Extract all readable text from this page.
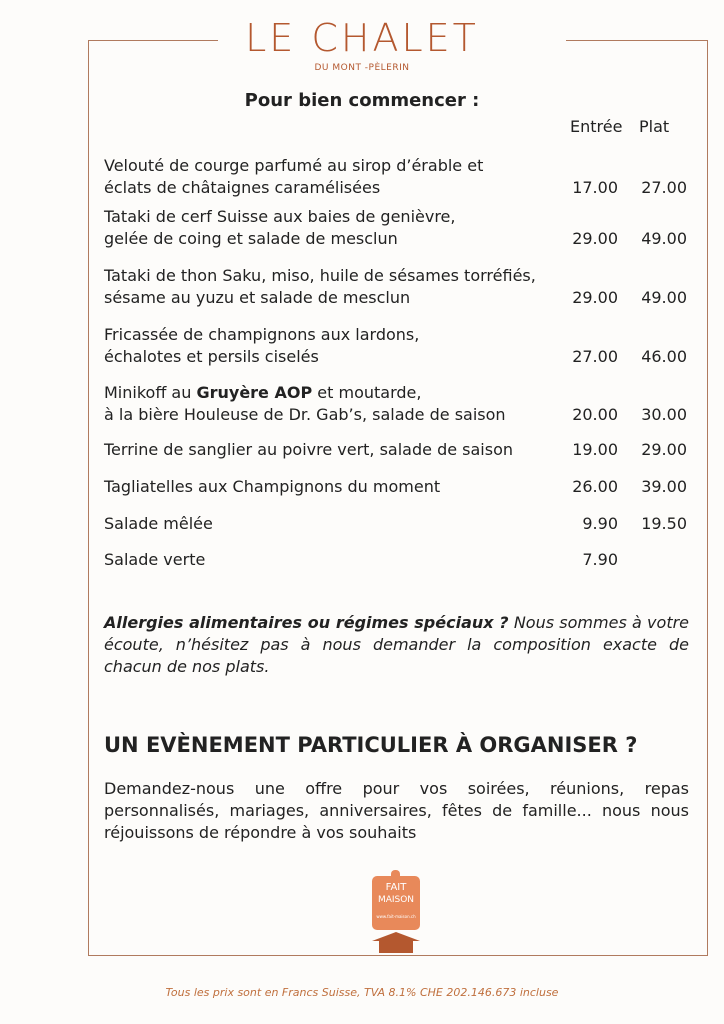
LE CHALET
DU MONT -PÈLERIN
Pour bien commencer :
Entrée Plat
Velouté de courge parfumé au sirop d’érable et
éclats de châtaignes caramélisées	17.00	27.00
Tataki de cerf Suisse aux baies de genièvre,
gelée de coing et salade de mesclun	29.00	49.00
Tataki de thon Saku, miso, huile de sésames torréfiés,
sésame au yuzu et salade de mesclun	29.00	49.00
Fricassée de champignons aux lardons,
échalotes et persils ciselés	27.00	46.00
Minikoff au Gruyère AOP et moutarde,
à la bière Houleuse de Dr. Gab’s, salade de saison	20.00	30.00
Terrine de sanglier au poivre vert, salade de saison	19.00	29.00
Tagliatelles aux Champignons du moment	26.00	39.00
Salade mêlée	9.90	19.50
Salade verte	7.90
Allergies alimentaires ou régimes spéciaux ? Nous sommes à votre écoute, n’hésitez pas à nous demander la composition exacte de chacun de nos plats.
UN EVÈNEMENT PARTICULIER À ORGANISER ?
Demandez-nous une offre pour vos soirées, réunions, repas personnalisés, mariages, anniversaires, fêtes de famille... nous nous réjouissons de répondre à vos souhaits
FAIT
MAISON
www.fait-maison.ch
Tous les prix sont en Francs Suisse, TVA 8.1% CHE 202.146.673 incluse
